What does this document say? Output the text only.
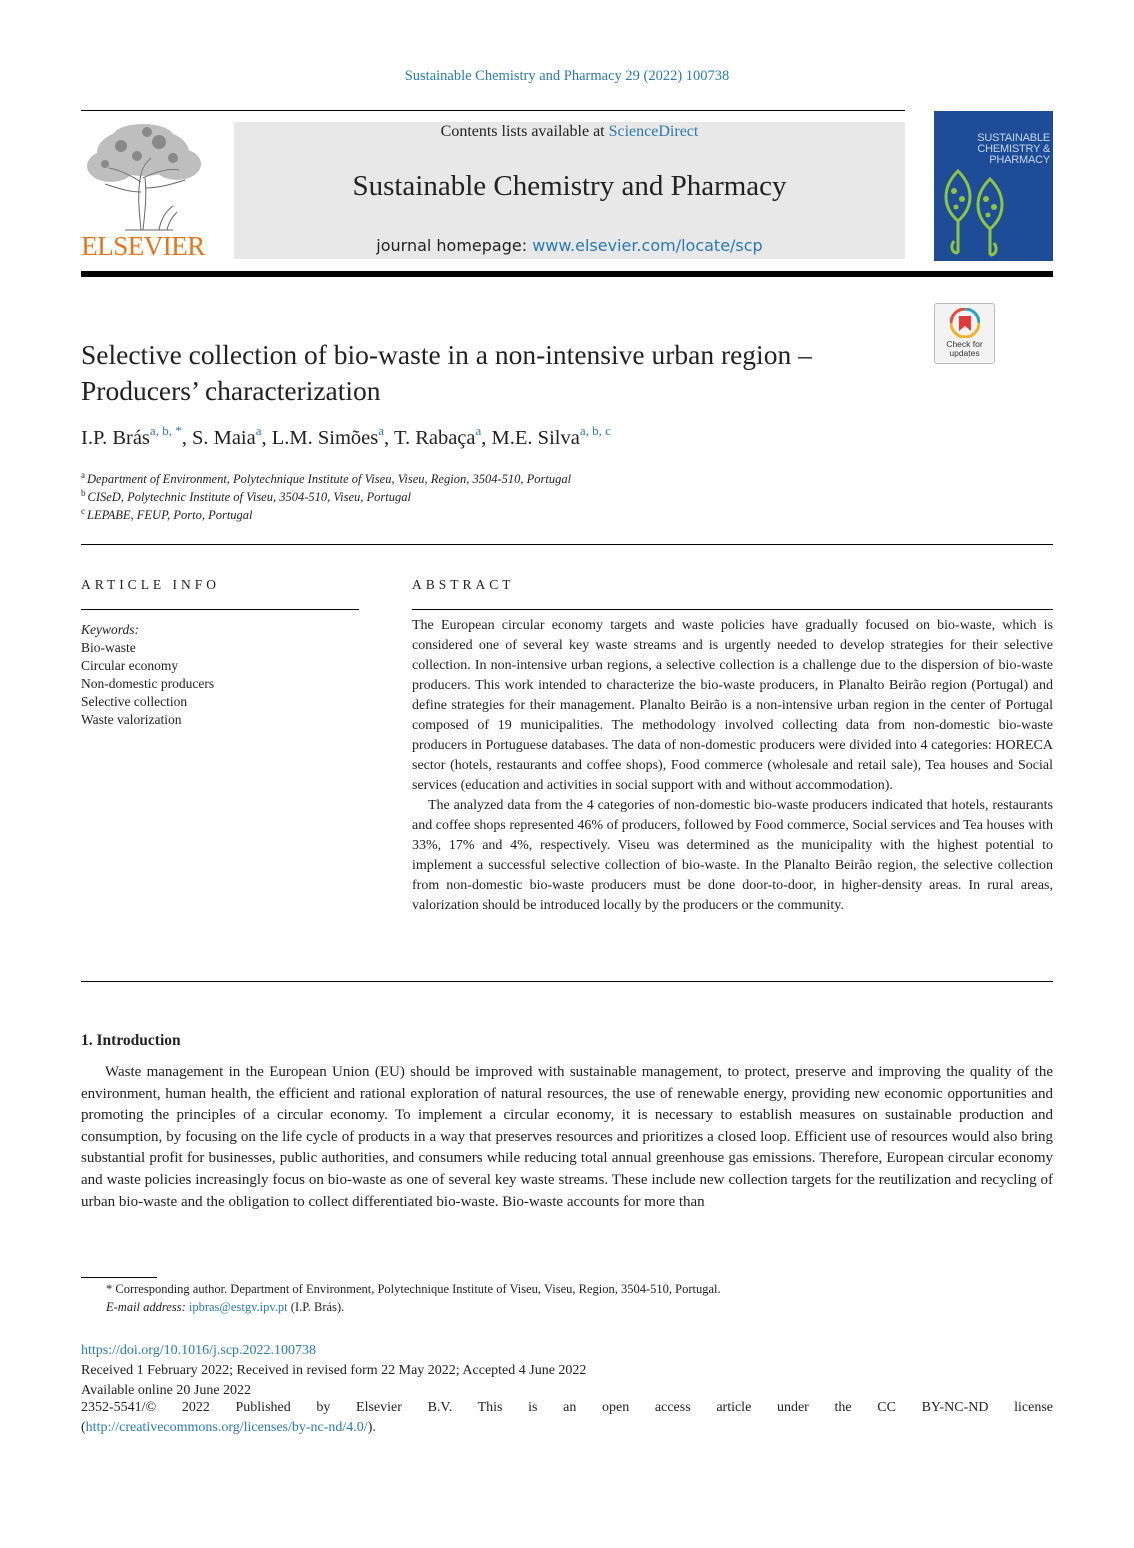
Sustainable Chemistry and Pharmacy 29 (2022) 100738
ELSEVIER
Contents lists available at ScienceDirect
Sustainable Chemistry and Pharmacy
journal homepage: www.elsevier.com/locate/scp
SUSTAINABLE CHEMISTRY & PHARMACY
Check for updates
Selective collection of bio-waste in a non-intensive urban region –
Producers’ characterization
I.P. Brás$^{a, b, *}$, S. Maia$^a$, L.M. Simões$^a$, T. Rabaça$^a$, M.E. Silva$^{a, b, c}$
$^a$ Department of Environment, Polytechnique Institute of Viseu, Viseu, Region, 3504-510, Portugal
$^b$ CISeD, Polytechnic Institute of Viseu, 3504-510, Viseu, Portugal
$^c$ LEPABE, FEUP, Porto, Portugal
ARTICLE INFO
Keywords:
Bio-waste
Circular economy
Non-domestic producers
Selective collection
Waste valorization
ABSTRACT

The European circular economy targets and waste policies have gradually focused on bio-waste, which is considered one of several key waste streams and is urgently needed to develop strategies for their selective collection. In non-intensive urban regions, a selective collection is a challenge due to the dispersion of bio-waste producers. This work intended to characterize the bio-waste producers, in Planalto Beirão region (Portugal) and define strategies for their management. Planalto Beirão is a non-intensive urban region in the center of Portugal composed of 19 municipalities. The methodology involved collecting data from non-domestic bio-waste producers in Portuguese databases. The data of non-domestic producers were divided into 4 categories: HORECA sector (hotels, restaurants and coffee shops), Food commerce (wholesale and retail sale), Tea houses and Social services (education and activities in social support with and without accommodation).

The analyzed data from the 4 categories of non-domestic bio-waste producers indicated that hotels, restaurants and coffee shops represented 46% of producers, followed by Food commerce, Social services and Tea houses with 33%, 17% and 4%, respectively. Viseu was determined as the municipality with the highest potential to implement a successful selective collection of bio-waste. In the Planalto Beirão region, the selective collection from non-domestic bio-waste producers must be done door-to-door, in higher-density areas. In rural areas, valorization should be introduced locally by the producers or the community.

1. Introduction

Waste management in the European Union (EU) should be improved with sustainable management, to protect, preserve and improving the quality of the environment, human health, the efficient and rational exploration of natural resources, the use of renewable energy, providing new economic opportunities and promoting the principles of a circular economy. To implement a circular economy, it is necessary to establish measures on sustainable production and consumption, by focusing on the life cycle of products in a way that preserves resources and prioritizes a closed loop. Efficient use of resources would also bring substantial profit for businesses, public authorities, and consumers while reducing total annual greenhouse gas emissions. Therefore, European circular economy and waste policies increasingly focus on bio-waste as one of several key waste streams. These include new collection targets for the reutilization and recycling of urban bio-waste and the obligation to collect differentiated bio-waste. Bio-waste accounts for more than

* Corresponding author. Department of Environment, Polytechnique Institute of Viseu, Viseu, Region, 3504-510, Portugal.
E-mail address: ipbras@estgv.ipv.pt (I.P. Brás).
https://doi.org/10.1016/j.scp.2022.100738
Received 1 February 2022; Received in revised form 22 May 2022; Accepted 4 June 2022
Available online 20 June 2022
2352-5541/© 2022 Published by Elsevier B.V. This is an open access article under the CC BY-NC-ND license
(http://creativecommons.org/licenses/by-nc-nd/4.0/).
